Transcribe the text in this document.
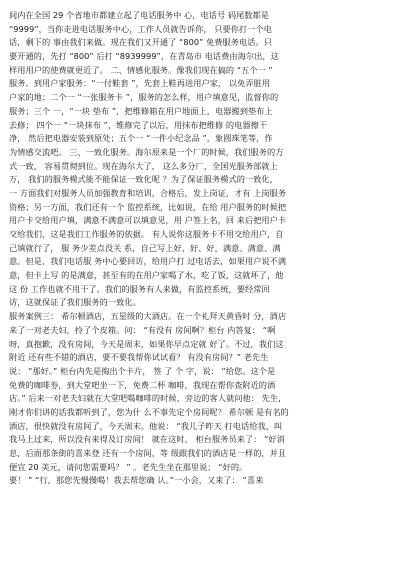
间内在全国 29 个省地市都建立起了电话服务中 心，电话号 码尾数都是
“9999”，当你走进电话服务中心，工作人员就告诉你， 只要你打一个电
话，剩下的 事由我们来做。现在我们又开通了 “800” 免费服务电话。只
要开通的，先打 “800” 后打 “8939999”，在青岛市 电话费由海尔出，这
样用用户的使费就更近了。 二、情感化服务。像我们现在搞的 “五个一 ”
服务。到用户家服务：“一付鞋套 ”，先套上鞋再进用户家， 以免弄脏用
户家的地；二个一 “一张服务卡 ”，服务的怎么样，用户填意见，监督你的
服务；三个 一，“一块 垫布 ”，把维修箱在用户地面上，电器搬到垫布上
去修； 四个一 “一块抹布 ”，维修完了以后，用抹布把维修 的电器擦干
净， 然后把电器安装到原处；五个一 “一件小纪念品 ”，象圆珠笔等，作
为情感交流吧。 三、一致化服务。海尔原来是一个厂的时候，我们服务的方
式一致， 容易贯彻到位。现在海尔大了， 这么多分厂，全国光服务部就上
万， 我们的服务模式能不能保证一致化呢 ？为了保证服务模式的一致化，
一 方面我们对服务人员加强教育和培训，合格后，发上岗证，才有 上岗服务
资格；另一方面，我们还有一个 监控系统，比如说，在给 用户服务的时候把
用户卡交给用户填，满意不满意可以填意见，用 户签上名，回 来后把用户卡
交给我们，这是我们工作服务的依据。 有人说你这服务卡不用交给用户，自
己填就行了， 服 务少差点没关 系，自己写上好、好、好，满意、满意、满
意。但是，我们电话服 务中心要回访，给用户打 过电话去，如果用户说不满
意，但卡上写 的是满意，甚至有的在用户家喝了水，吃了饭，这就坏了，他
这 份 工作也就不用干了。我们的服务有人来做，有监控系统，要经常回
访，这就保证了我们服务的一致化。
服务案例三： 希尔顿酒店，五星级的大酒店。在一个礼拜天黄昏时 分，酒店
来了一对老夫妇，拎了个皮箱。问： “有没有 房间啊？柜台 内答复： “啊
呀，真抱歉，没有房间，今天是周末，如果你早点定就 好了。不过，我们这
附近 还有些不错的酒店，要不要我帮你试试看？ 有没有房间？” 老先生
说： “那好。” 柜台内先是掏出个卡片， 签 了 个 字，说： “给您。这个是
免费的咖啡券，到大堂吧坐一下，免费二杯 咖啡，我现在帮你查附近的酒
店。” 后来一对老夫妇就在大堂吧喝咖啡的时候，旁边的客人就问他： 先生，
刚才你们讲的话我都听到了，您为什 么不事先定个房间呢？ 希尔顿 是有名的
酒店，很快就没有房间了，今天周末。他说： “我儿子昨天 打电话给我，叫
我马上过来，所以没有来得及订房间！ 就在这时， 柜台服务员来了： “好消
息，后面那条街的喜来登 还有一个房间，等 级跟我们的酒店是一样的，并且
便宜 20 美元，请问您需要吗？ ” 。老先生坐在那里说： “好的。
要！ ” “行，那您先慢慢喝！我去帮您确 认。”一小会，又来了： “喜来
